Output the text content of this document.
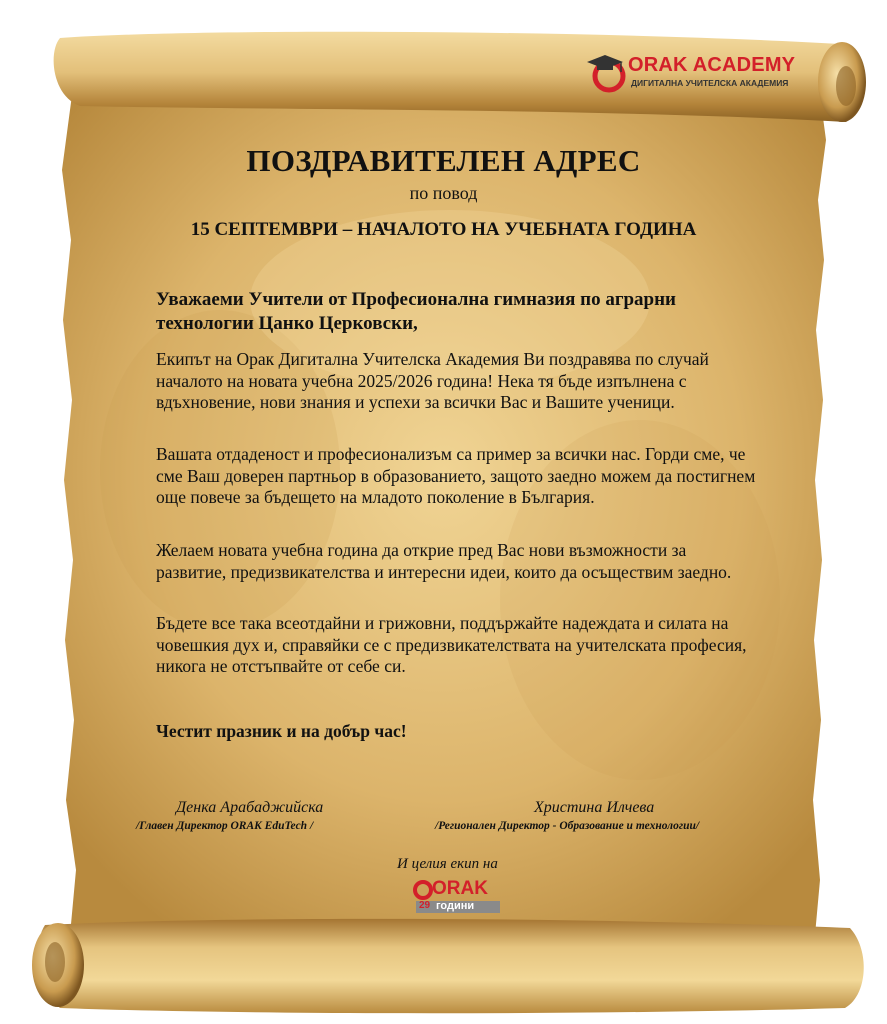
ORAK ACADEMY
ДИГИТАЛНА УЧИТЕЛСКА АКАДЕМИЯ
ПОЗДРАВИТЕЛЕН АДРЕС
по повод
15 СЕПТЕМВРИ – НАЧАЛОТО НА УЧЕБНАТА ГОДИНА
Уважаеми Учители от Професионална гимназия по аграрни технологии Цанко Церковски,
Екипът на Орак Дигитална Учителска Академия Ви поздравява по случай началото на новата учебна 2025/2026 година! Нека тя бъде изпълнена с вдъхновение, нови знания и успехи за всички Вас и Вашите ученици.
Вашата отдаденост и професионализъм са пример за всички нас. Горди сме, че сме Ваш доверен партньор в образованието, защото заедно можем да постигнем още повече за бъдещето на младото поколение в България.
Желаем новата учебна година да открие пред Вас нови възможности за развитие, предизвикателства и интересни идеи, които да осъществим заедно.
Бъдете все така всеотдайни и грижовни, поддържайте надеждата и силата на човешкия дух и, справяйки се с предизвикателствата на учителската професия, никога не отстъпвайте от себе си.
Честит празник и на добър час!
Денка Арабаджийска
/Главен Директор ORAK EduTech /
Христина Илчева
/Регионален Директор - Образование и технологии/
И целия екип на
ORAK
29 години
